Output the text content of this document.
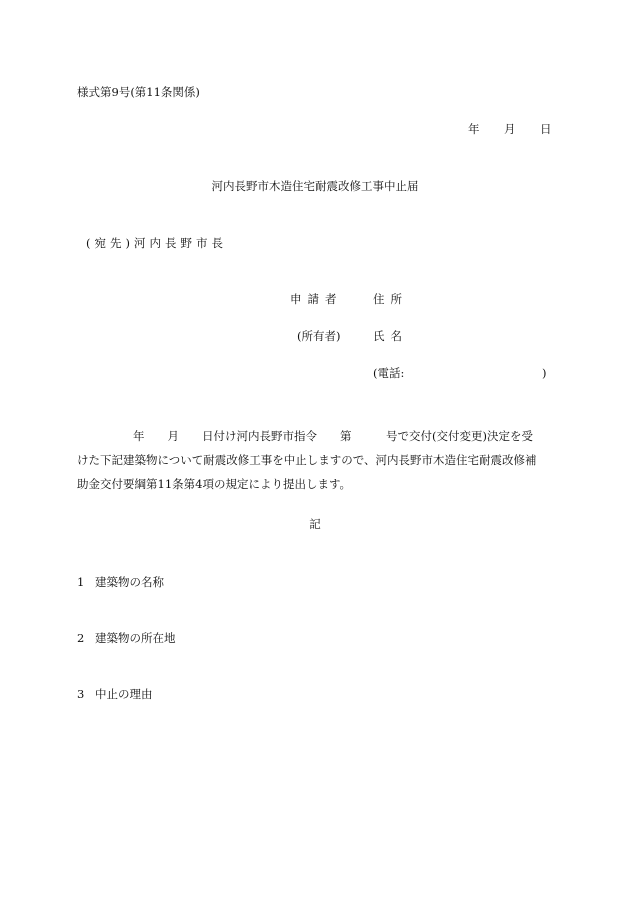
様式第9号(第11条関係)
年 月 日
河内長野市木造住宅耐震改修工事中止届
(宛先)河内長野市長
申請者	住所
(所有者)	氏名
(電話:	)
年　　月　　日付け河内長野市指令　　第　　　号で交付(交付変更)決定を受
けた下記建築物について耐震改修工事を中止しますので、河内長野市木造住宅耐震改修補
助金交付要綱第11条第4項の規定により提出します。
記
1 建築物の名称
2 建築物の所在地
3 中止の理由
